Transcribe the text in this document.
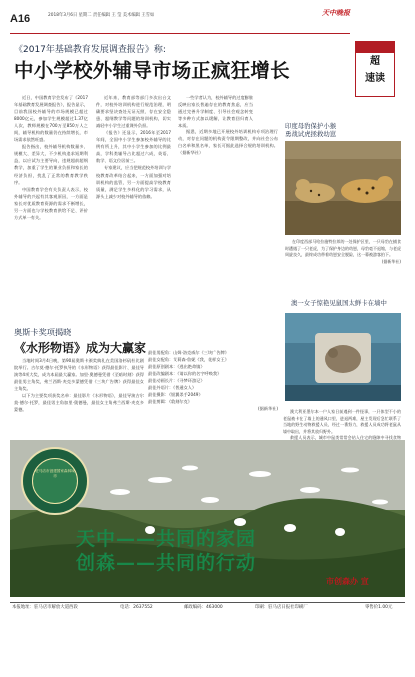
A16	2018年3月6日 星期二 责任编辑 王 莹 美术编辑 王雪如	天中晚报
超
速读
《2017年基础教育发展调查报告》称:
中小学校外辅导市场正疯狂增长

近日，中国教育学会发布了《2017年基础教育发展调查报告》，报告显示，目前我国校外辅导的市场规模已超过8000亿元，参加学生规模超过1.37亿人次，教师规模在700万至850万人之间，辅导机构的数量仍在持续增长，市场需求依然旺盛。

报告指出，校外辅导机构数量多、规模大、差异大，不少机构追求短期利益，以应试为主要导向，违规超前超纲教学，加重了学生的课业负担和家长的经济负担，扰乱了正常的教育教学秩序。

中国教育学会有关负责人表示，校外辅导的兴起有其客观原因，一方面是家长对优质教育资源的需求不断增长，另一方面也与学校教育供给不足、评价方式单一有关。

近年来，教育部等部门多次出台文件，对校外培训机构进行规范治理，明确要求坚决查处无证无照、存在安全隐患、超纲教学等问题的培训机构，切实减轻中小学生过重课外负担。

《报告》还显示，2016年至2017年间，全国中小学生参加校外辅导的比例有所上升，其中小学生参加的比例最高，学科类辅导占比超过六成，英语、数学、语文位居前三。

专家建议，应当把规范校外培训与学校教育改革结合起来，一方面加强对培训机构的监管，另一方面提高学校教育质量，满足学生多样化的学习需求，从源头上减少对校外辅导的依赖。

一些学者认为，校外辅导的过度膨胀反映出家长普遍存在的教育焦虑，应当通过完善升学制度、引导社会观念转变等多种方式加以缓解，让教育回归育人本质。

据悉，近期多地已开展校外培训机构专项治理行动，对存在问题的机构责令限期整改，并向社会公布白名单和黑名单，家长可据此选择合规的培训机构。（据新华社）

印度母豹保护小猴
勇战试虎拯救幼崽

在印度西部马哈拉施特拉邦的一处保护区里，一只母豹在捕食时遭遇了一只老虎，为了保护身边的幼崽，母豹毫不退缩，与老虎周旋良久，最终成功带着幼崽安全脱险，这一幕被游客拍下。

(据新华社)

澳一女子惊艳见鼠国太鲜卡在墙中

澳大利亚墨尔本一户人家日前遇到一件怪事，一只体型不小的老鼠被卡在了墙上的通风口里，进退两难，屋主发现后急忙联系了当地的野生动物救援人员，经过一番努力，救援人员成功将老鼠从墙中取出，并将其放归野外。

救援人员表示，城市中鼠类常常会钻入住宅的缝隙中寻找食物

奥斯卡奖项揭晓
《水形物语》成为大赢家

当地时间3月4日晚，第90届奥斯卡颁奖典礼在美国洛杉矶杜比剧院举行。吉尔莫·德尔·托罗执导的《水形物语》获得最佳影片、最佳导演等4项大奖，成为本届最大赢家。加里·奥德曼凭借《至暗时刻》获得最佳男主角奖，弗兰西斯·麦克多蒙德凭借《三块广告牌》获得最佳女主角奖。

以下为主要奖项获奖名单：最佳影片《水形物语》，最佳导演吉尔莫·德尔·托罗，最佳男主角加里·奥德曼，最佳女主角弗兰西斯·麦克多蒙德。

最佳男配角：山姆·洛克威尔《三块广告牌》

最佳女配角：艾莉森·詹妮《我，花样女王》

最佳原创剧本：《逃出绝命镇》

最佳改编剧本：《请以你的名字呼唤我》

最佳动画长片：《寻梦环游记》

最佳外语片：《普通女人》

最佳摄影：《银翼杀手2049》

最佳剪辑：《敦刻尔克》

(据新华社)

驻马店市创建国家森林城市
天中——共同的家园
创森——共同的行动
市创森办 宣
本报地址：驻马店市解放大道西段	电话：2637552	邮政编码：463000	印刷：驻马店日报社印刷厂	零售价1.00元
